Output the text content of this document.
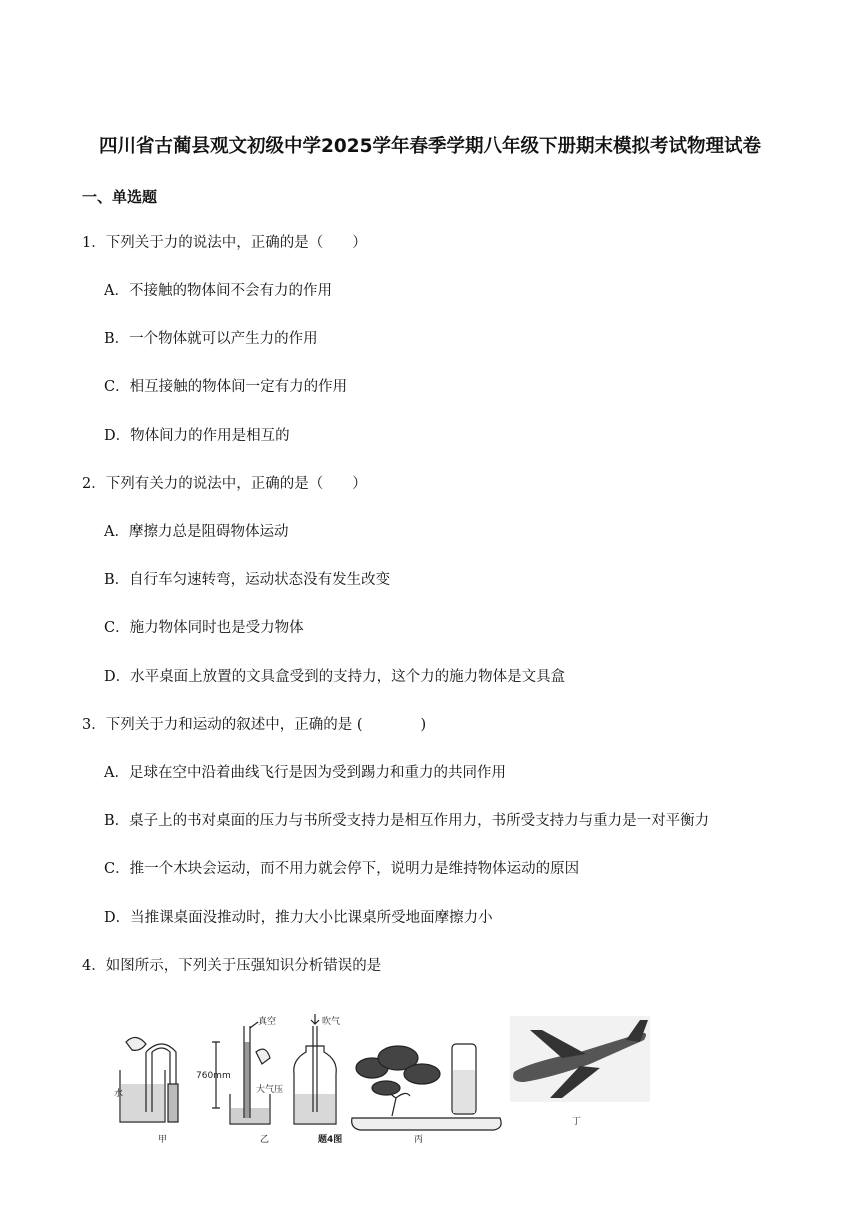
四川省古蔺县观文初级中学2025学年春季学期八年级下册期末模拟考试物理试卷
一、单选题
1．下列关于力的说法中，正确的是（　　）
A．不接触的物体间不会有力的作用
B．一个物体就可以产生力的作用
C．相互接触的物体间一定有力的作用
D．物体间力的作用是相互的
2．下列有关力的说法中，正确的是（　　）
A．摩擦力总是阻碍物体运动
B．自行车匀速转弯，运动状态没有发生改变
C．施力物体同时也是受力物体
D．水平桌面上放置的文具盒受到的支持力，这个力的施力物体是文具盒
3．下列关于力和运动的叙述中，正确的是 (　　　　)
A．足球在空中沿着曲线飞行是因为受到踢力和重力的共同作用
B．桌子上的书对桌面的压力与书所受支持力是相互作用力，书所受支持力与重力是一对平衡力
C．推一个木块会运动，而不用力就会停下，说明力是维持物体运动的原因
D．当推课桌面没推动时，推力大小比课桌所受地面摩擦力小
4．如图所示，下列关于压强知识分析错误的是
水
真空
760mm
大气压
吹气
甲	乙	题4图	丙
丁
